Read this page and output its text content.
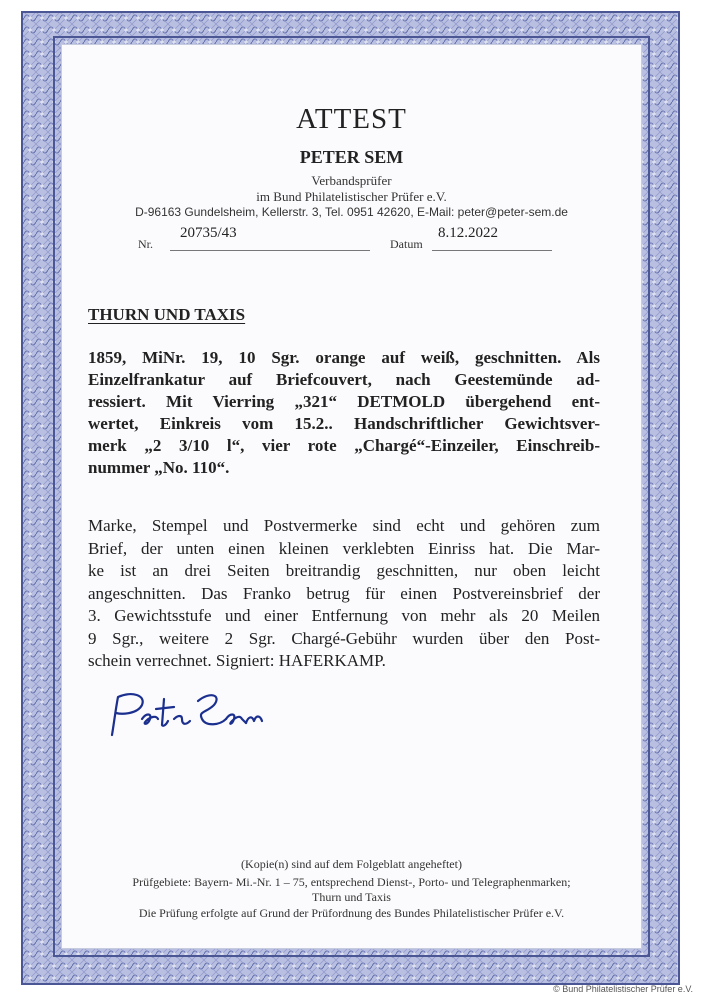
ATTEST
PETER SEM
Verbandsprüfer
im Bund Philatelistischer Prüfer e.V.
D-96163 Gundelsheim, Kellerstr. 3, Tel. 0951 42620, E-Mail: peter@peter-sem.de
Nr.
20735/43
Datum
8.12.2022
THURN UND TAXIS
1859, MiNr. 19, 10 Sgr. orange auf weiß, geschnitten. Als
Einzelfrankatur auf Briefcouvert, nach Geestemünde ad-
ressiert. Mit Vierring „321“ DETMOLD übergehend ent-
wertet, Einkreis vom 15.2.. Handschriftlicher Gewichtsver-
merk „2 3/10 l“, vier rote „Chargé“-Einzeiler, Einschreib-
nummer „No. 110“.
Marke, Stempel und Postvermerke sind echt und gehören zum
Brief, der unten einen kleinen verklebten Einriss hat. Die Mar-
ke ist an drei Seiten breitrandig geschnitten, nur oben leicht
angeschnitten. Das Franko betrug für einen Postvereinsbrief der
3. Gewichtsstufe und einer Entfernung von mehr als 20 Meilen
9 Sgr., weitere 2 Sgr. Chargé-Gebühr wurden über den Post-
schein verrechnet. Signiert: HAFERKAMP.
(Kopie(n) sind auf dem Folgeblatt angeheftet)
Prüfgebiete: Bayern- Mi.-Nr. 1 – 75, entsprechend Dienst-, Porto- und Telegraphenmarken;
Thurn und Taxis
Die Prüfung erfolgte auf Grund der Prüfordnung des Bundes Philatelistischer Prüfer e.V.
© Bund Philatelistischer Prüfer e.V.
